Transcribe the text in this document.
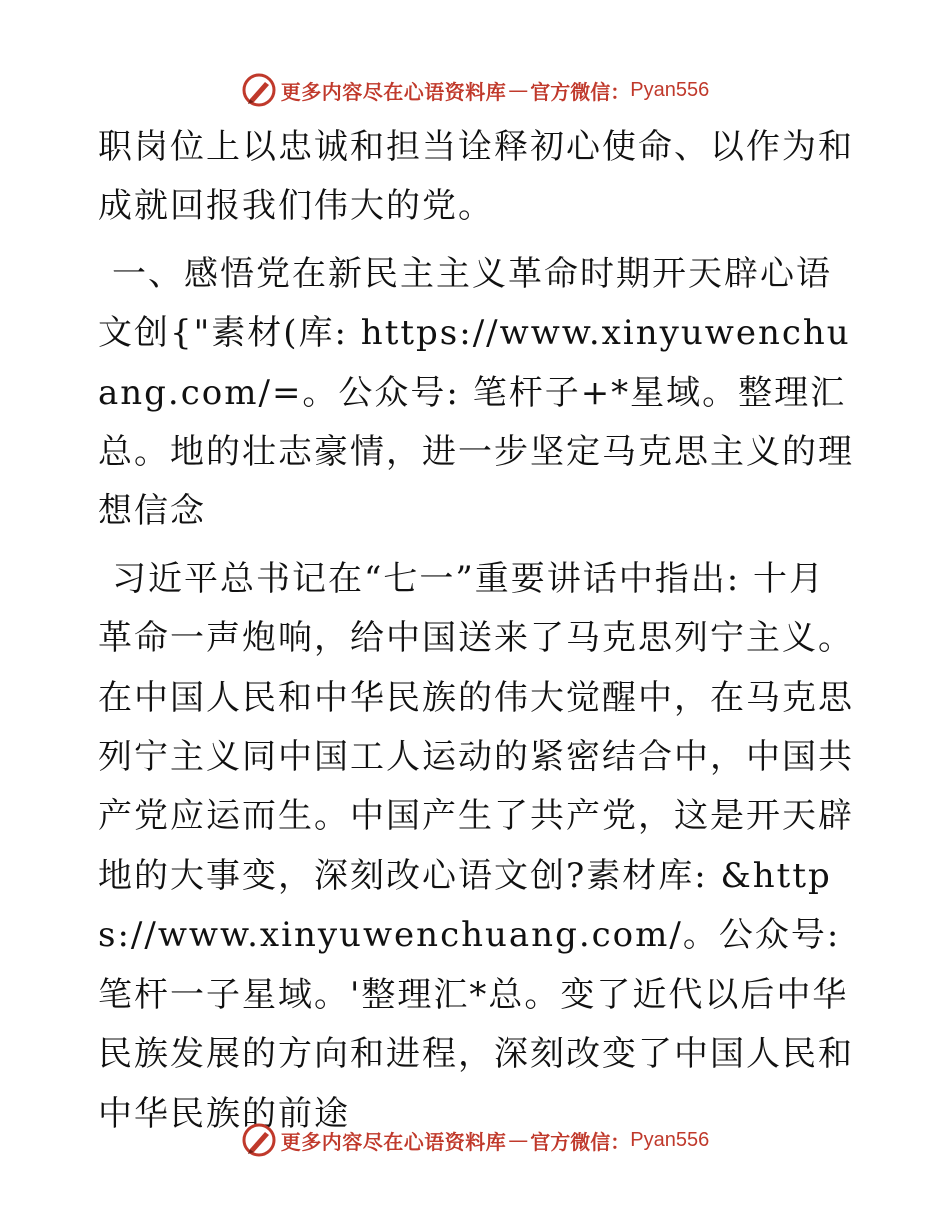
更多内容尽在心语资料库 — 官方微信： Pyan556

职岗位上以忠诚和担当诠释初心使命、以作为和成就回报我们伟大的党。

一、感悟党在新民主主义革命时期开天辟心语文创{"素材(库: https://www.xinyuwenchuang.com/=。公众号: 笔杆子+*星域。整理汇总。地的壮志豪情，进一步坚定马克思主义的理想信念

习近平总书记在“七一”重要讲话中指出: 十月革命一声炮响，给中国送来了马克思列宁主义。在中国人民和中华民族的伟大觉醒中，在马克思列宁主义同中国工人运动的紧密结合中，中国共产党应运而生。中国产生了共产党，这是开天辟地的大事变，深刻改心语文创?素材库: &https://www.xinyuwenchuang.com/。公众号: 笔杆一子星域。'整理汇*总。变了近代以后中华民族发展的方向和进程，深刻改变了中国人民和中华民族的前途

更多内容尽在心语资料库 — 官方微信： Pyan556
